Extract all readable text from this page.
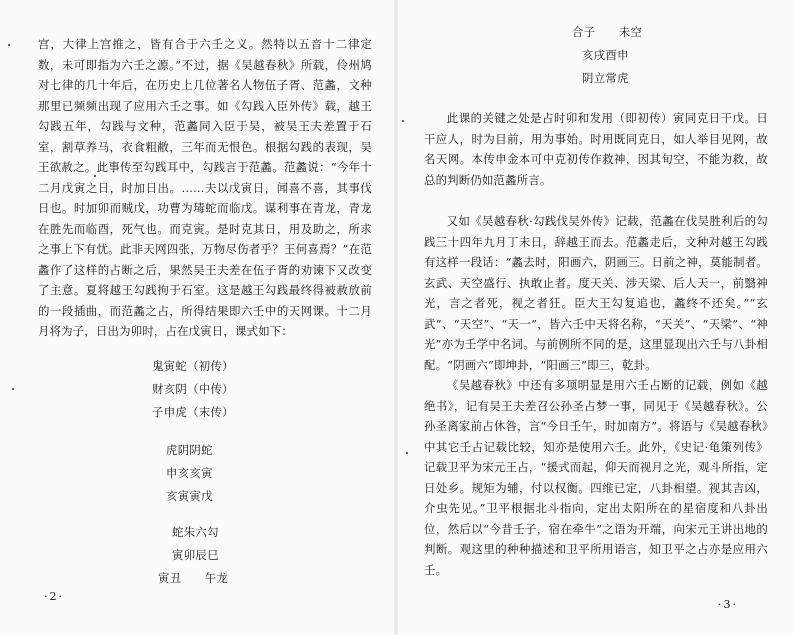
宫，大律上宫推之，皆有合于六壬之义。然特以五音十二律定数，未可即指为六壬之源。”不过，据《吴越春秋》所载，伶州鸠对七律的几十年后，在历史上几位著名人物伍子胥、范蠡，文种那里已频频出现了应用六壬之事。如《勾践入臣外传》载，越王勾践五年，勾践与文种，范蠡同入臣于吴，被吴王夫差置于石室，割草养马，衣食粗敝，三年而无恨色。根据勾践的表现，吴王欲赦之。此事传至勾践耳中，勾践言于范蠡。范蠡说：“今年十二月戊寅之日，时加日出。……夫以戊寅日，闻喜不喜，其事伐日也。时加卯而贼戊，功曹为瑇蛇而临戊。谋利事在青龙，青龙在胜先而临酉，死气也。而克寅。是时克其日，用及助之，所求之事上下有忧。此非天网四张，万物尽伤者乎？王何喜焉？”在范蠡作了这样的占断之后，果然吴王夫差在伍子胥的劝谏下又改变了主意。夏将越王勾践拘于石室。这是越王勾践最终得被赦放前的一段插曲，而范蠡之占，所得结果即六壬中的天网课。十二月月将为子，日出为卯时，占在戊寅日，课式如下：

鬼寅蛇（初传）

财亥阴（中传）

子申虎（末传）

虎阴阴蛇

申亥亥寅

亥寅寅戊

蛇朱六勾

寅卯辰巳

寅丑　　午龙

·2·

合子　　未空

亥戌酉申

阴立常虎

此课的关键之处是占时卯和发用（即初传）寅同克日干戊。日干应人，时为目前，用为事始。时用既同克日，如人举目见网，故名天网。本传申金本可中克初传作救神，因其旬空，不能为救，故总的判断仍如范蠡所言。

又如《吴越春秋·勾践伐吴外传》记载，范蠡在伐吴胜利后的勾践三十四年九月丁未日，辞越王而去。范蠡走后，文种对越王勾践有这样一段话：“蠡去时，阳画六，阴画三。日前之神，莫能制者。玄武、天空盛行、执敢止者。度天关、涉天梁、后人天一，前翳神光，言之者死，视之者狂。臣大王勾复追也，蠡终不还矣。”“玄武”、“天空”、“天一”，皆六壬中天将名称，“天关”、“天梁”、“神光”亦为壬学中名词。与前例所不同的是，这里显现出六壬与八卦相配。“阴画六”即坤卦，“阳画三”即三，乾卦。

《吴越春秋》中还有多项明显是用六壬占断的记载，例如《越绝书》，记有吴王夫差召公孙圣占梦一事，同见于《吴越春秋》。公孙圣离家前占休咎，言“今日壬午，时加南方”。将语与《吴越春秋》中其它壬占记载比较，知亦是使用六壬。此外，《史记·龟策列传》记载卫平为宋元王占，“援式而起，仰天而视月之光，观斗所指，定日处乡。规矩为辅，付以权衡。四维已定，八卦相望。视其吉凶，介虫先见。”卫平根据北斗指向，定出太阳所在的星宿度和八卦出位，然后以“今昔壬子，宿在牵牛”之语为开端，向宋元王讲出地的判断。观这里的种种描述和卫平所用语言，知卫平之占亦是应用六壬。

·3·
